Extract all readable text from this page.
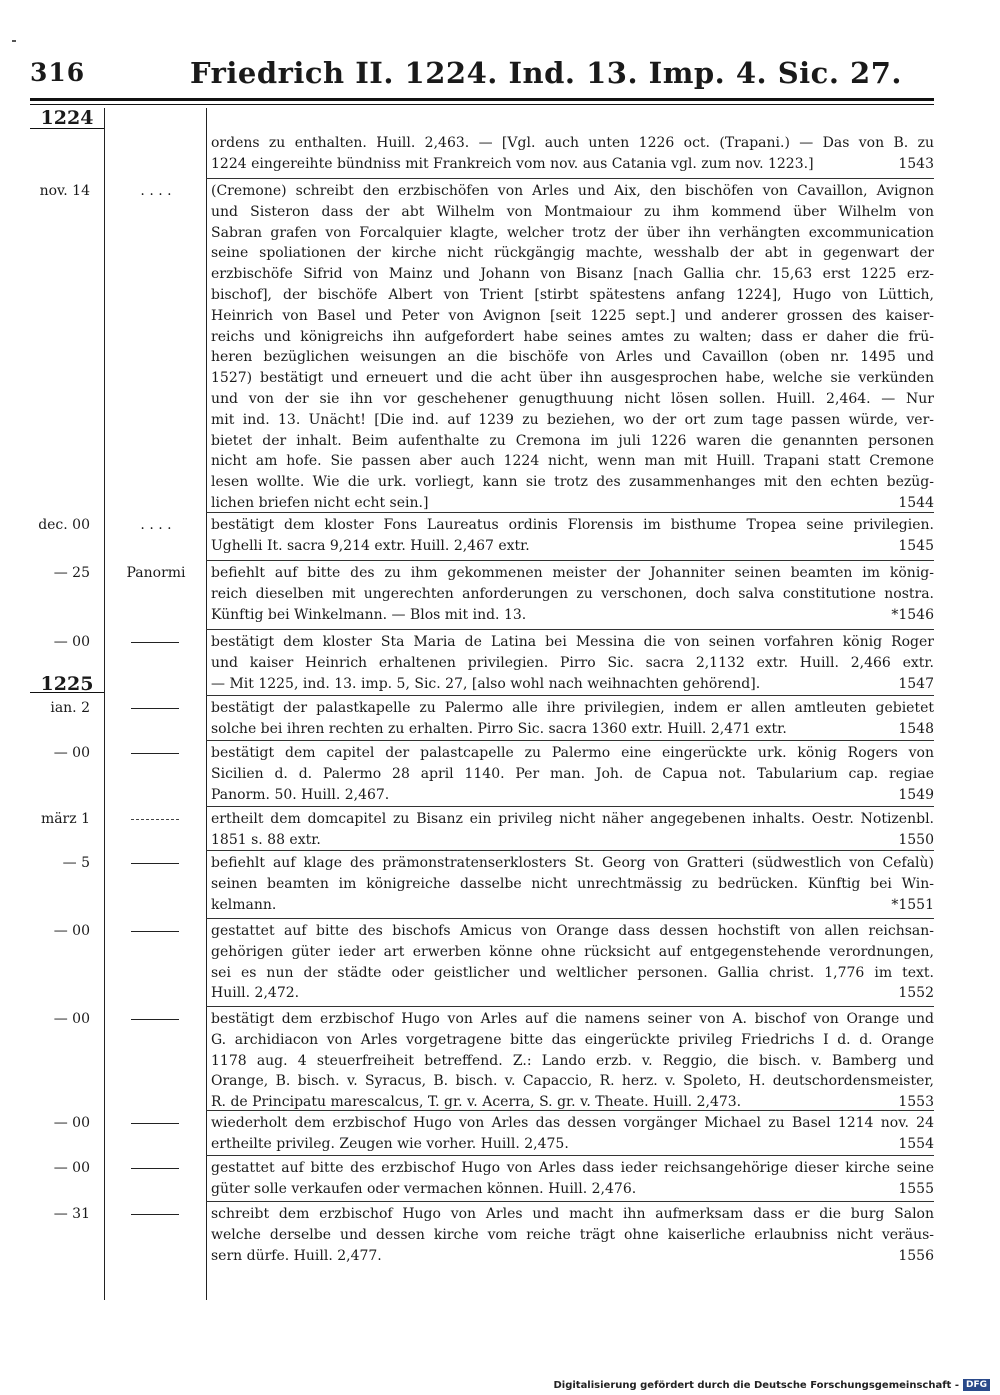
316	Friedrich II. 1224. Ind. 13. Imp. 4. Sic. 27.
1224
1225
ordens zu enthalten. Huill. 2,463. — [Vgl. auch unten 1226 oct. (Trapani.) — Das von B. zu
1224 eingereihte bündniss mit Frankreich vom nov. aus Catania vgl. zum nov. 1223.]	1543
nov. 14	. . . .	(Cremone) schreibt den erzbischöfen von Arles und Aix, den bischöfen von Cavaillon, Avignon
und Sisteron dass der abt Wilhelm von Montmaiour zu ihm kommend über Wilhelm von
Sabran grafen von Forcalquier klagte, welcher trotz der über ihn verhängten excommunication
seine spoliationen der kirche nicht rückgängig machte, wesshalb der abt in gegenwart der
erzbischöfe Sifrid von Mainz und Johann von Bisanz [nach Gallia chr. 15,63 erst 1225 erz-
bischof], der bischöfe Albert von Trient [stirbt spätestens anfang 1224], Hugo von Lüttich,
Heinrich von Basel und Peter von Avignon [seit 1225 sept.] und anderer grossen des kaiser-
reichs und königreichs ihn aufgefordert habe seines amtes zu walten; dass er daher die frü-
heren bezüglichen weisungen an die bischöfe von Arles und Cavaillon (oben nr. 1495 und
1527) bestätigt und erneuert und die acht über ihn ausgesprochen habe, welche sie verkünden
und von der sie ihn vor geschehener genugthuung nicht lösen sollen. Huill. 2,464. — Nur
mit ind. 13. Unächt! [Die ind. auf 1239 zu beziehen, wo der ort zum tage passen würde, ver-
bietet der inhalt. Beim aufenthalte zu Cremona im juli 1226 waren die genannten personen
nicht am hofe. Sie passen aber auch 1224 nicht, wenn man mit Huill. Trapani statt Cremone
lesen wollte. Wie die urk. vorliegt, kann sie trotz des zusammenhanges mit den echten bezüg-
lichen briefen nicht echt sein.]	1544
dec. 00	. . . .	bestätigt dem kloster Fons Laureatus ordinis Florensis im bisthume Tropea seine privilegien.
Ughelli It. sacra 9,214 extr. Huill. 2,467 extr.	1545
— 25	Panormi	befiehlt auf bitte des zu ihm gekommenen meister der Johanniter seinen beamten im könig-
reich dieselben mit ungerechten anforderungen zu verschonen, doch salva constitutione nostra.
Künftig bei Winkelmann. — Blos mit ind. 13.	*1546
— 00	bestätigt dem kloster Sta Maria de Latina bei Messina die von seinen vorfahren könig Roger
und kaiser Heinrich erhaltenen privilegien. Pirro Sic. sacra 2,1132 extr. Huill. 2,466 extr.
— Mit 1225, ind. 13. imp. 5, Sic. 27, [also wohl nach weihnachten gehörend].	1547
ian. 2	bestätigt der palastkapelle zu Palermo alle ihre privilegien, indem er allen amtleuten gebietet
solche bei ihren rechten zu erhalten. Pirro Sic. sacra 1360 extr. Huill. 2,471 extr.	1548
— 00	bestätigt dem capitel der palastcapelle zu Palermo eine eingerückte urk. könig Rogers von
Sicilien d. d. Palermo 28 april 1140. Per man. Joh. de Capua not. Tabularium cap. regiae
Panorm. 50. Huill. 2,467.	1549
märz 1	ertheilt dem domcapitel zu Bisanz ein privileg nicht näher angegebenen inhalts. Oestr. Notizenbl.
1851 s. 88 extr.	1550
— 5	befiehlt auf klage des prämonstratenserklosters St. Georg von Gratteri (südwestlich von Cefalù)
seinen beamten im königreiche dasselbe nicht unrechtmässig zu bedrücken. Künftig bei Win-
kelmann.	*1551
— 00	gestattet auf bitte des bischofs Amicus von Orange dass dessen hochstift von allen reichsan-
gehörigen güter ieder art erwerben könne ohne rücksicht auf entgegenstehende verordnungen,
sei es nun der städte oder geistlicher und weltlicher personen. Gallia christ. 1,776 im text.
Huill. 2,472.	1552
— 00	bestätigt dem erzbischof Hugo von Arles auf die namens seiner von A. bischof von Orange und
G. archidiacon von Arles vorgetragene bitte das eingerückte privileg Friedrichs I d. d. Orange
1178 aug. 4 steuerfreiheit betreffend. Z.: Lando erzb. v. Reggio, die bisch. v. Bamberg und
Orange, B. bisch. v. Syracus, B. bisch. v. Capaccio, R. herz. v. Spoleto, H. deutschordensmeister,
R. de Principatu marescalcus, T. gr. v. Acerra, S. gr. v. Theate. Huill. 2,473.	1553
— 00	wiederholt dem erzbischof Hugo von Arles das dessen vorgänger Michael zu Basel 1214 nov. 24
ertheilte privileg. Zeugen wie vorher. Huill. 2,475.	1554
— 00	gestattet auf bitte des erzbischof Hugo von Arles dass ieder reichsangehörige dieser kirche seine
güter solle verkaufen oder vermachen können. Huill. 2,476.	1555
— 31	schreibt dem erzbischof Hugo von Arles und macht ihn aufmerksam dass er die burg Salon
welche derselbe und dessen kirche vom reiche trägt ohne kaiserliche erlaubniss nicht veräus-
sern dürfe. Huill. 2,477.	1556
Digitalisierung gefördert durch die Deutsche Forschungsgemeinschaft - DFG
